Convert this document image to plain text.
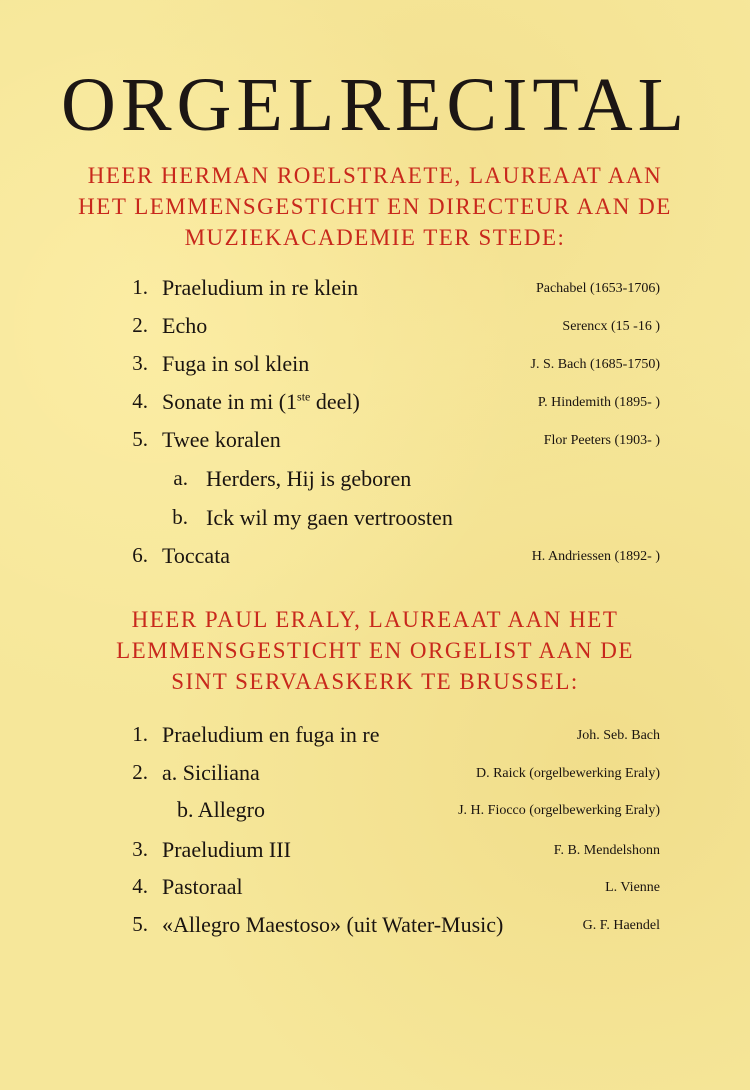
ORGELRECITAL
HEER HERMAN ROELSTRAETE, LAUREAAT AAN
HET LEMMENSGESTICHT EN DIRECTEUR AAN DE
MUZIEKACADEMIE TER STEDE:
1. Praeludium in re klein	Pachabel (1653-1706)
2. Echo	Serencx (15 -16 )
3. Fuga in sol klein	J. S. Bach (1685-1750)
4. Sonate in mi (1ste deel)	P. Hindemith (1895- )
5. Twee koralen	Flor Peeters (1903- )
a. Herders, Hij is geboren
b. Ick wil my gaen vertroosten
6. Toccata	H. Andriessen (1892- )
HEER PAUL ERALY, LAUREAAT AAN HET
LEMMENSGESTICHT EN ORGELIST AAN DE
SINT SERVAASKERK TE BRUSSEL:
1. Praeludium en fuga in re	Joh. Seb. Bach
2. a. Siciliana	D. Raick (orgelbewerking Eraly)
b. Allegro	J. H. Fiocco (orgelbewerking Eraly)
3. Praeludium III	F. B. Mendelshonn
4. Pastoraal	L. Vienne
5. «Allegro Maestoso» (uit Water-Music)	G. F. Haendel
